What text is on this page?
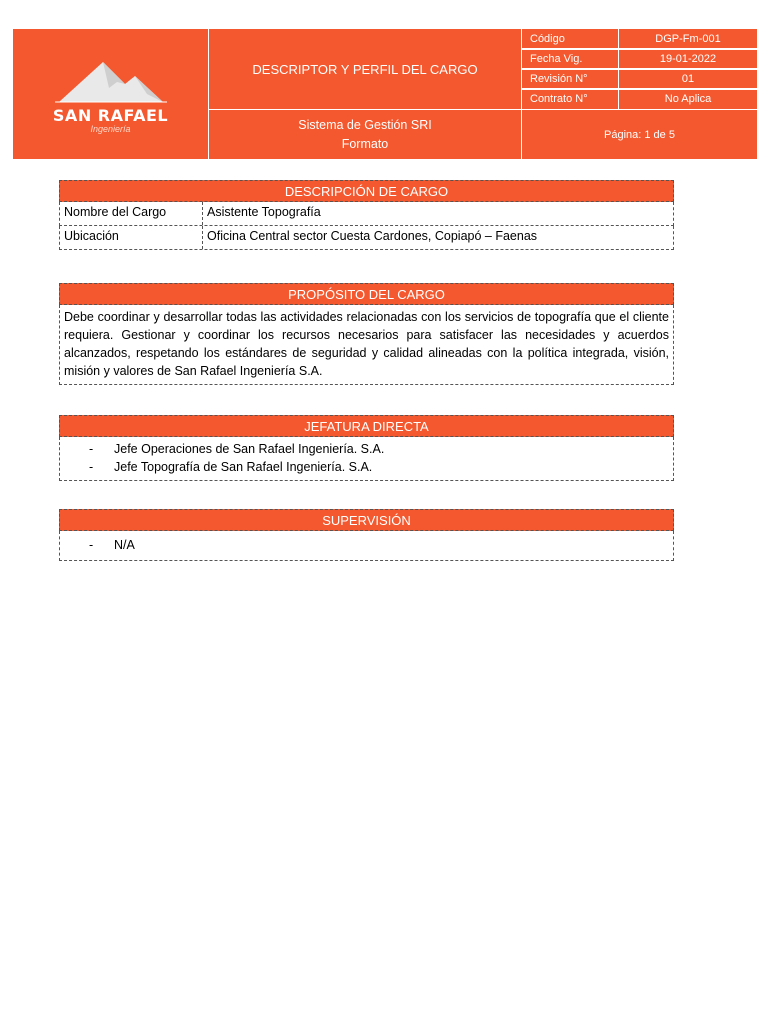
SAN RAFAEL
Ingeniería
DESCRIPTOR Y PERFIL DEL CARGO
Sistema de Gestión SRI
Formato
Código	DGP-Fm-001
Fecha Vig.	19-01-2022
Revisión N°	01
Contrato N°	No Aplica
Página: 1 de 5
DESCRIPCIÓN DE CARGO
Nombre del Cargo	Asistente Topografía
Ubicación	Oficina Central sector Cuesta Cardones, Copiapó – Faenas
PROPÓSITO DEL CARGO
Debe coordinar y desarrollar todas las actividades relacionadas con los servicios de topografía que el cliente requiera. Gestionar y coordinar los recursos necesarios para satisfacer las necesidades y acuerdos alcanzados, respetando los estándares de seguridad y calidad alineadas con la política integrada, visión, misión y valores de San Rafael Ingeniería S.A.
JEFATURA DIRECTA
- Jefe Operaciones de San Rafael Ingeniería. S.A.
- Jefe Topografía de San Rafael Ingeniería. S.A.
SUPERVISIÓN
- N/A
